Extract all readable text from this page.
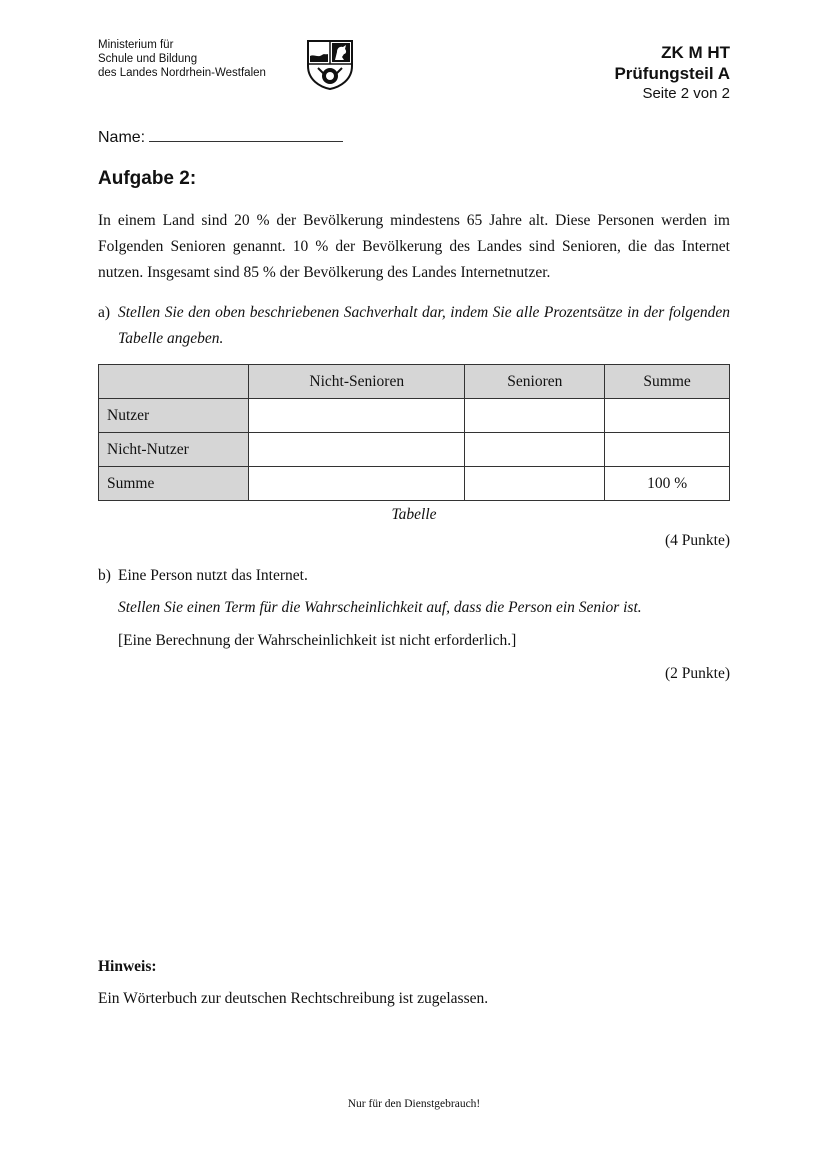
Ministerium für
Schule und Bildung
des Landes Nordrhein-Westfalen
ZK M HT
Prüfungsteil A
Seite 2 von 2
Name:
Aufgabe 2:
In einem Land sind 20 % der Bevölkerung mindestens 65 Jahre alt. Diese Personen werden im Folgenden Senioren genannt. 10 % der Bevölkerung des Landes sind Senioren, die das Internet nutzen. Insgesamt sind 85 % der Bevölkerung des Landes Internetnutzer.
a) Stellen Sie den oben beschriebenen Sachverhalt dar, indem Sie alle Prozentsätze in der folgenden Tabelle angeben.
	Nicht-Senioren	Senioren	Summe
Nutzer			
Nicht-Nutzer			
Summe			100 %
Tabelle
(4 Punkte)
b) Eine Person nutzt das Internet.
Stellen Sie einen Term für die Wahrscheinlichkeit auf, dass die Person ein Senior ist.
[Eine Berechnung der Wahrscheinlichkeit ist nicht erforderlich.]
(2 Punkte)
Hinweis:
Ein Wörterbuch zur deutschen Rechtschreibung ist zugelassen.
Nur für den Dienstgebrauch!
